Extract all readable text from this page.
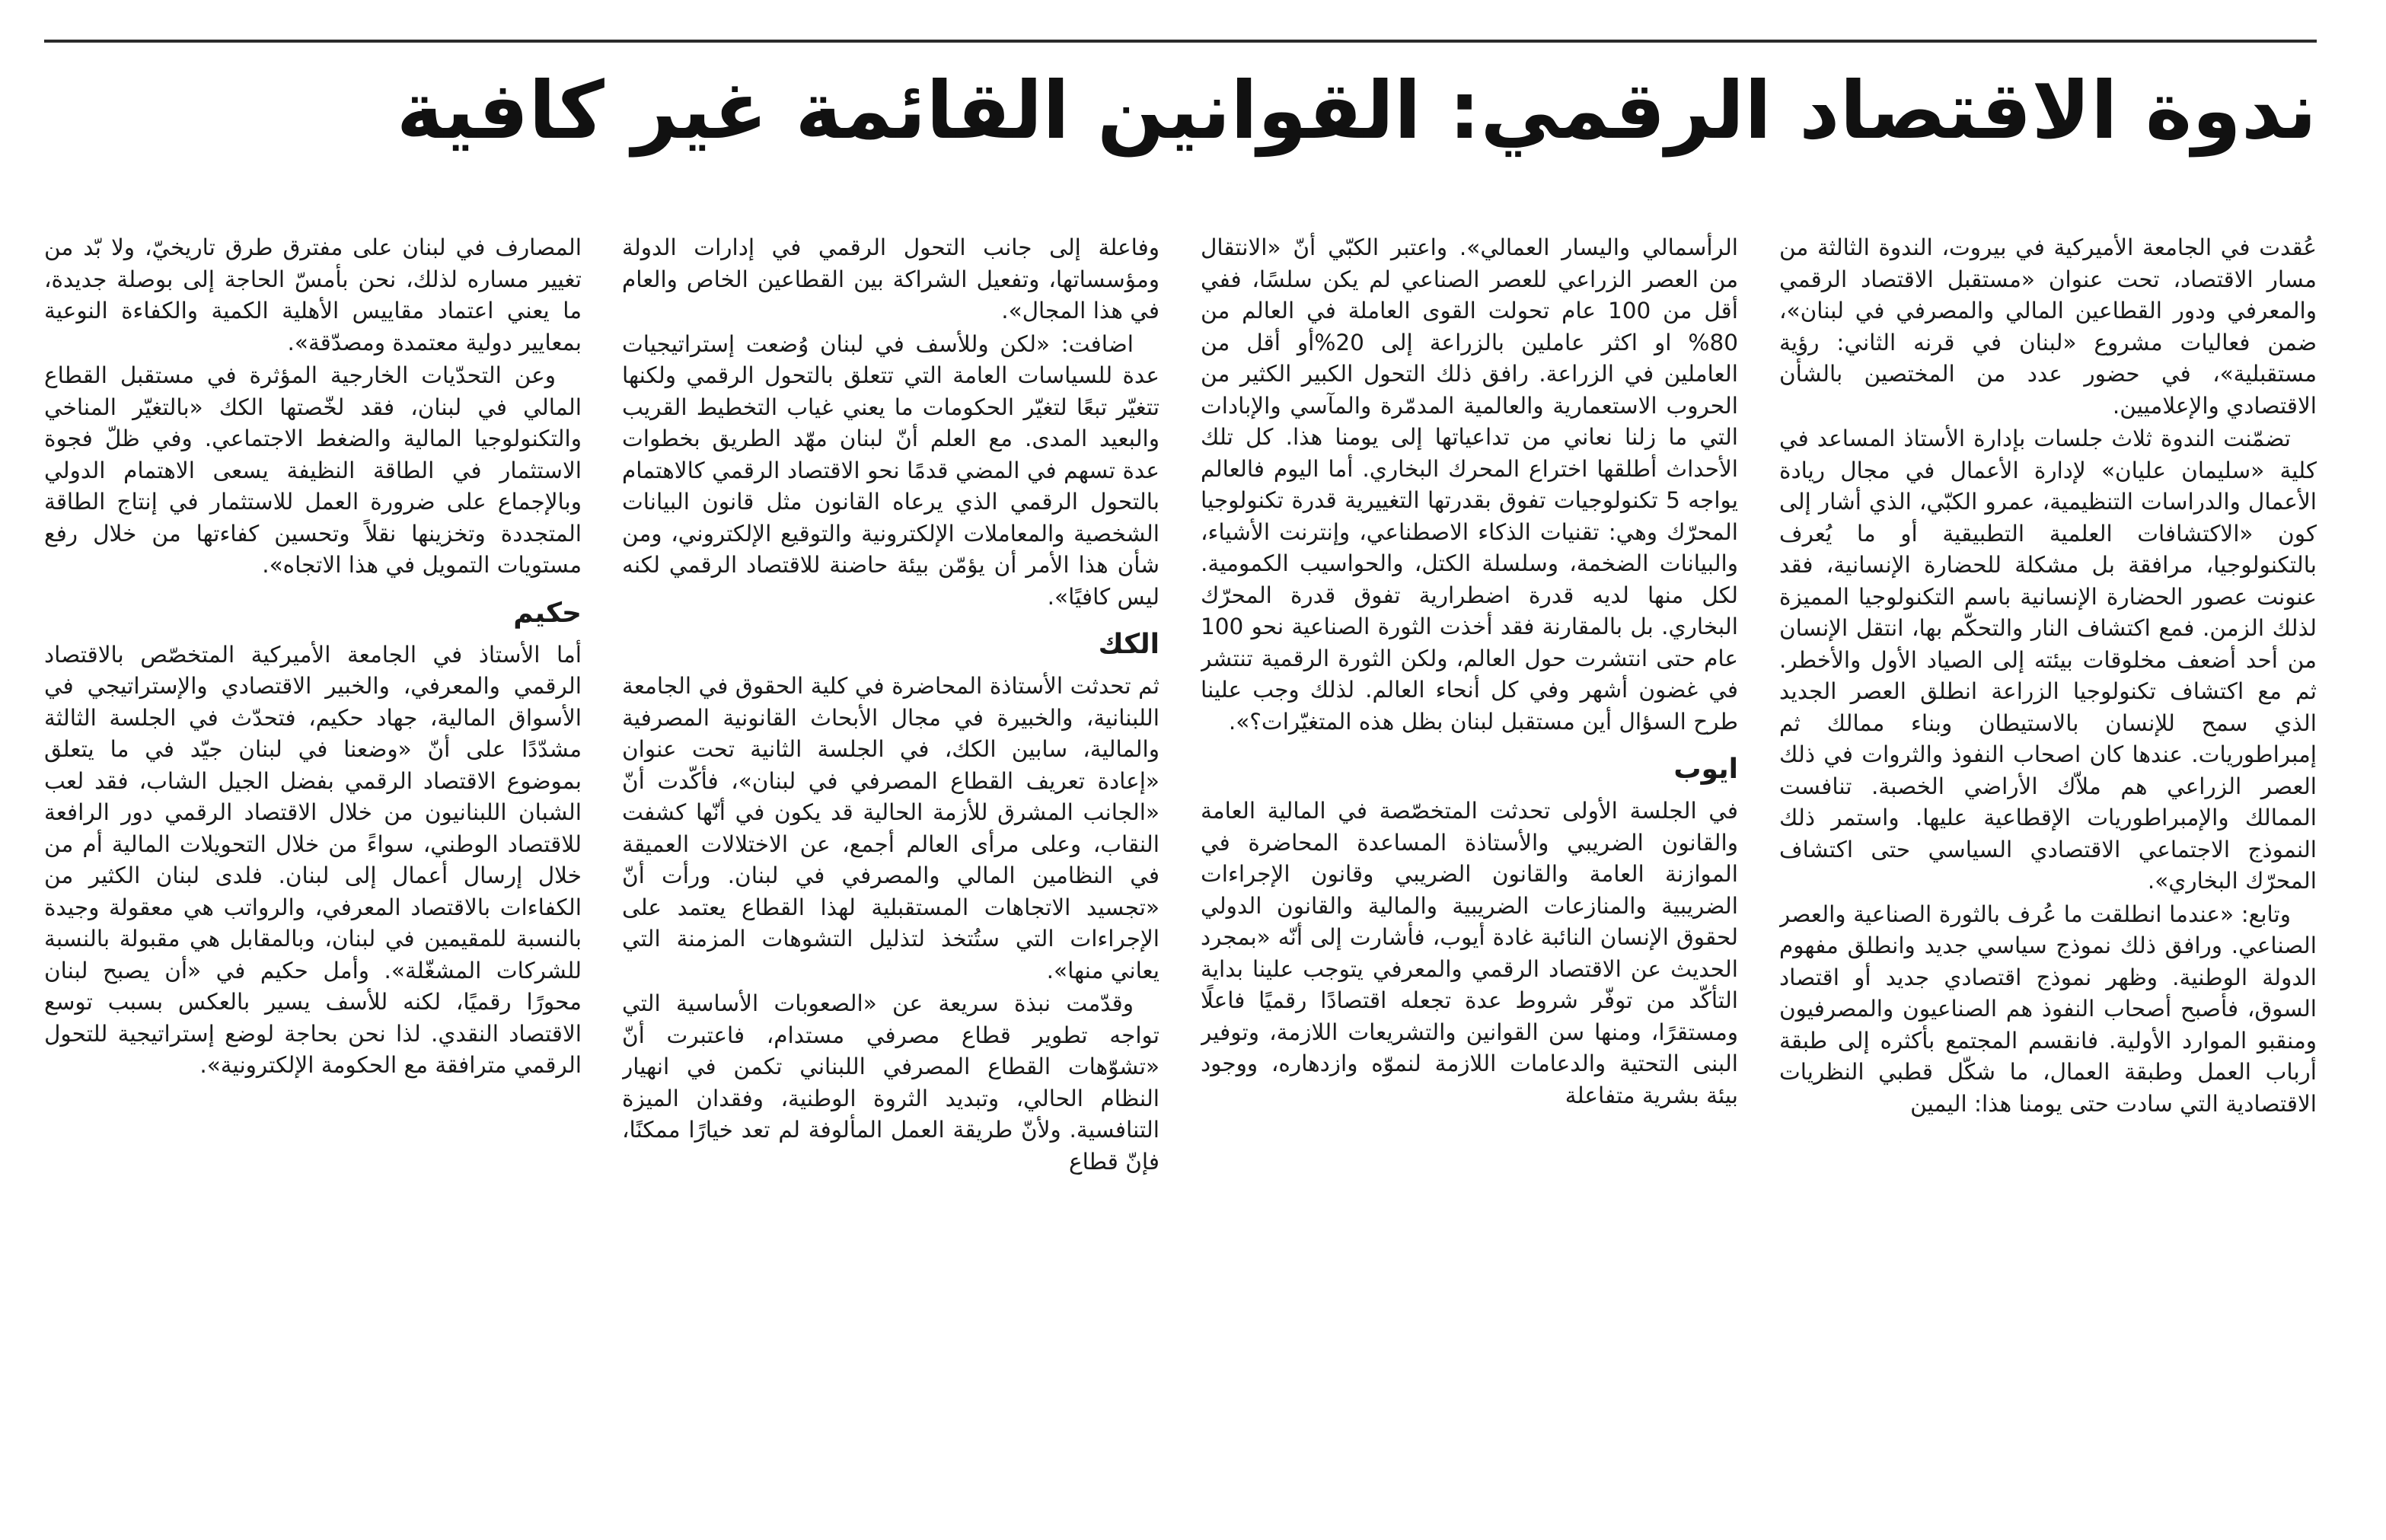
ندوة الاقتصاد الرقمي: القوانين القائمة غير كافية

عُقدت في الجامعة الأميركية في بيروت، الندوة الثالثة من مسار الاقتصاد، تحت عنوان «مستقبل الاقتصاد الرقمي والمعرفي ودور القطاعين المالي والمصرفي في لبنان»، ضمن فعاليات مشروع «لبنان في قرنه الثاني: رؤية مستقبلية»، في حضور عدد من المختصين بالشأن الاقتصادي والإعلاميين.

تضمّنت الندوة ثلاث جلسات بإدارة الأستاذ المساعد في كلية «سليمان عليان» لإدارة الأعمال في مجال ريادة الأعمال والدراسات التنظيمية، عمرو الكبّي، الذي أشار إلى كون «الاكتشافات العلمية التطبيقية أو ما يُعرف بالتكنولوجيا، مرافقة بل مشكلة للحضارة الإنسانية، فقد عنونت عصور الحضارة الإنسانية باسم التكنولوجيا المميزة لذلك الزمن. فمع اكتشاف النار والتحكّم بها، انتقل الإنسان من أحد أضعف مخلوقات بيئته إلى الصياد الأول والأخطر. ثم مع اكتشاف تكنولوجيا الزراعة انطلق العصر الجديد الذي سمح للإنسان بالاستيطان وبناء ممالك ثم إمبراطوريات. عندها كان اصحاب النفوذ والثروات في ذلك العصر الزراعي هم ملاّك الأراضي الخصبة. تنافست الممالك والإمبراطوريات الإقطاعية عليها. واستمر ذلك النموذج الاجتماعي الاقتصادي السياسي حتى اكتشاف المحرّك البخاري».

وتابع: «عندما انطلقت ما عُرف بالثورة الصناعية والعصر الصناعي. ورافق ذلك نموذج سياسي جديد وانطلق مفهوم الدولة الوطنية. وظهر نموذج اقتصادي جديد أو اقتصاد السوق، فأصبح أصحاب النفوذ هم الصناعيون والمصرفيون ومنقبو الموارد الأولية. فانقسم المجتمع بأكثره إلى طبقة أرباب العمل وطبقة العمال، ما شكّل قطبي النظريات الاقتصادية التي سادت حتى يومنا هذا: اليمين

الرأسمالي واليسار العمالي». واعتبر الكبّي أنّ «الانتقال من العصر الزراعي للعصر الصناعي لم يكن سلسًا، ففي أقل من 100 عام تحولت القوى العاملة في العالم من 80% او اكثر عاملين بالزراعة إلى 20%أو أقل من العاملين في الزراعة. رافق ذلك التحول الكبير الكثير من الحروب الاستعمارية والعالمية المدمّرة والمآسي والإبادات التي ما زلنا نعاني من تداعياتها إلى يومنا هذا. كل تلك الأحداث أطلقها اختراع المحرك البخاري. أما اليوم فالعالم يواجه 5 تكنولوجيات تفوق بقدرتها التغييرية قدرة تكنولوجيا المحرّك وهي: تقنيات الذكاء الاصطناعي، وإنترنت الأشياء، والبيانات الضخمة، وسلسلة الكتل، والحواسيب الكمومية. لكل منها لديه قدرة اضطرارية تفوق قدرة المحرّك البخاري. بل بالمقارنة فقد أخذت الثورة الصناعية نحو 100 عام حتى انتشرت حول العالم، ولكن الثورة الرقمية تنتشر في غضون أشهر وفي كل أنحاء العالم. لذلك وجب علينا طرح السؤال أين مستقبل لبنان بظل هذه المتغيّرات؟».

ايوب

في الجلسة الأولى تحدثت المتخصّصة في المالية العامة والقانون الضريبي والأستاذة المساعدة المحاضرة في الموازنة العامة والقانون الضريبي وقانون الإجراءات الضريبية والمنازعات الضريبية والمالية والقانون الدولي لحقوق الإنسان النائبة غادة أيوب، فأشارت إلى أنّه «بمجرد الحديث عن الاقتصاد الرقمي والمعرفي يتوجب علينا بداية التأكّد من توفّر شروط عدة تجعله اقتصادًا رقميًا فاعلًا ومستقرًا، ومنها سن القوانين والتشريعات اللازمة، وتوفير البنى التحتية والدعامات اللازمة لنموّه وازدهاره، ووجود بيئة بشرية متفاعلة

وفاعلة إلى جانب التحول الرقمي في إدارات الدولة ومؤسساتها، وتفعيل الشراكة بين القطاعين الخاص والعام في هذا المجال».

اضافت: «لكن وللأسف في لبنان وُضعت إستراتيجيات عدة للسياسات العامة التي تتعلق بالتحول الرقمي ولكنها تتغيّر تبعًا لتغيّر الحكومات ما يعني غياب التخطيط القريب والبعيد المدى. مع العلم أنّ لبنان مهّد الطريق بخطوات عدة تسهم في المضي قدمًا نحو الاقتصاد الرقمي كالاهتمام بالتحول الرقمي الذي يرعاه القانون مثل قانون البيانات الشخصية والمعاملات الإلكترونية والتوقيع الإلكتروني، ومن شأن هذا الأمر أن يؤمّن بيئة حاضنة للاقتصاد الرقمي لكنه ليس كافيًا».

الكك

ثم تحدثت الأستاذة المحاضرة في كلية الحقوق في الجامعة اللبنانية، والخبيرة في مجال الأبحاث القانونية المصرفية والمالية، سابين الكك، في الجلسة الثانية تحت عنوان «إعادة تعريف القطاع المصرفي في لبنان»، فأكّدت أنّ «الجانب المشرق للأزمة الحالية قد يكون في أنّها كشفت النقاب، وعلى مرأى العالم أجمع، عن الاختلالات العميقة في النظامين المالي والمصرفي في لبنان. ورأت أنّ «تجسيد الاتجاهات المستقبلية لهذا القطاع يعتمد على الإجراءات التي ستُتخذ لتذليل التشوهات المزمنة التي يعاني منها».

وقدّمت نبذة سريعة عن «الصعوبات الأساسية التي تواجه تطوير قطاع مصرفي مستدام، فاعتبرت أنّ «تشوّهات القطاع المصرفي اللبناني تكمن في انهيار النظام الحالي، وتبديد الثروة الوطنية، وفقدان الميزة التنافسية. ولأنّ طريقة العمل المألوفة لم تعد خيارًا ممكنًا، فإنّ قطاع

المصارف في لبنان على مفترق طرق تاريخيّ، ولا بّد من تغيير مساره لذلك، نحن بأمسّ الحاجة إلى بوصلة جديدة، ما يعني اعتماد مقاييس الأهلية الكمية والكفاءة النوعية بمعايير دولية معتمدة ومصدّقة».

وعن التحدّيات الخارجية المؤثرة في مستقبل القطاع المالي في لبنان، فقد لخّصتها الكك «بالتغيّر المناخي والتكنولوجيا المالية والضغط الاجتماعي. وفي ظلّ فجوة الاستثمار في الطاقة النظيفة يسعى الاهتمام الدولي وبالإجماع على ضرورة العمل للاستثمار في إنتاج الطاقة المتجددة وتخزينها نقلاً وتحسين كفاءتها من خلال رفع مستويات التمويل في هذا الاتجاه».

حكيم

أما الأستاذ في الجامعة الأميركية المتخصّص بالاقتصاد الرقمي والمعرفي، والخبير الاقتصادي والإستراتيجي في الأسواق المالية، جهاد حكيم، فتحدّث في الجلسة الثالثة مشدّدًا على أنّ «وضعنا في لبنان جيّد في ما يتعلق بموضوع الاقتصاد الرقمي بفضل الجيل الشاب، فقد لعب الشبان اللبنانيون من خلال الاقتصاد الرقمي دور الرافعة للاقتصاد الوطني، سواءً من خلال التحويلات المالية أم من خلال إرسال أعمال إلى لبنان. فلدى لبنان الكثير من الكفاءات بالاقتصاد المعرفي، والرواتب هي معقولة وجيدة بالنسبة للمقيمين في لبنان، وبالمقابل هي مقبولة بالنسبة للشركات المشغّلة». وأمل حكيم في «أن يصبح لبنان محورًا رقميًا، لكنه للأسف يسير بالعكس بسبب توسع الاقتصاد النقدي. لذا نحن بحاجة لوضع إستراتيجية للتحول الرقمي مترافقة مع الحكومة الإلكترونية».
